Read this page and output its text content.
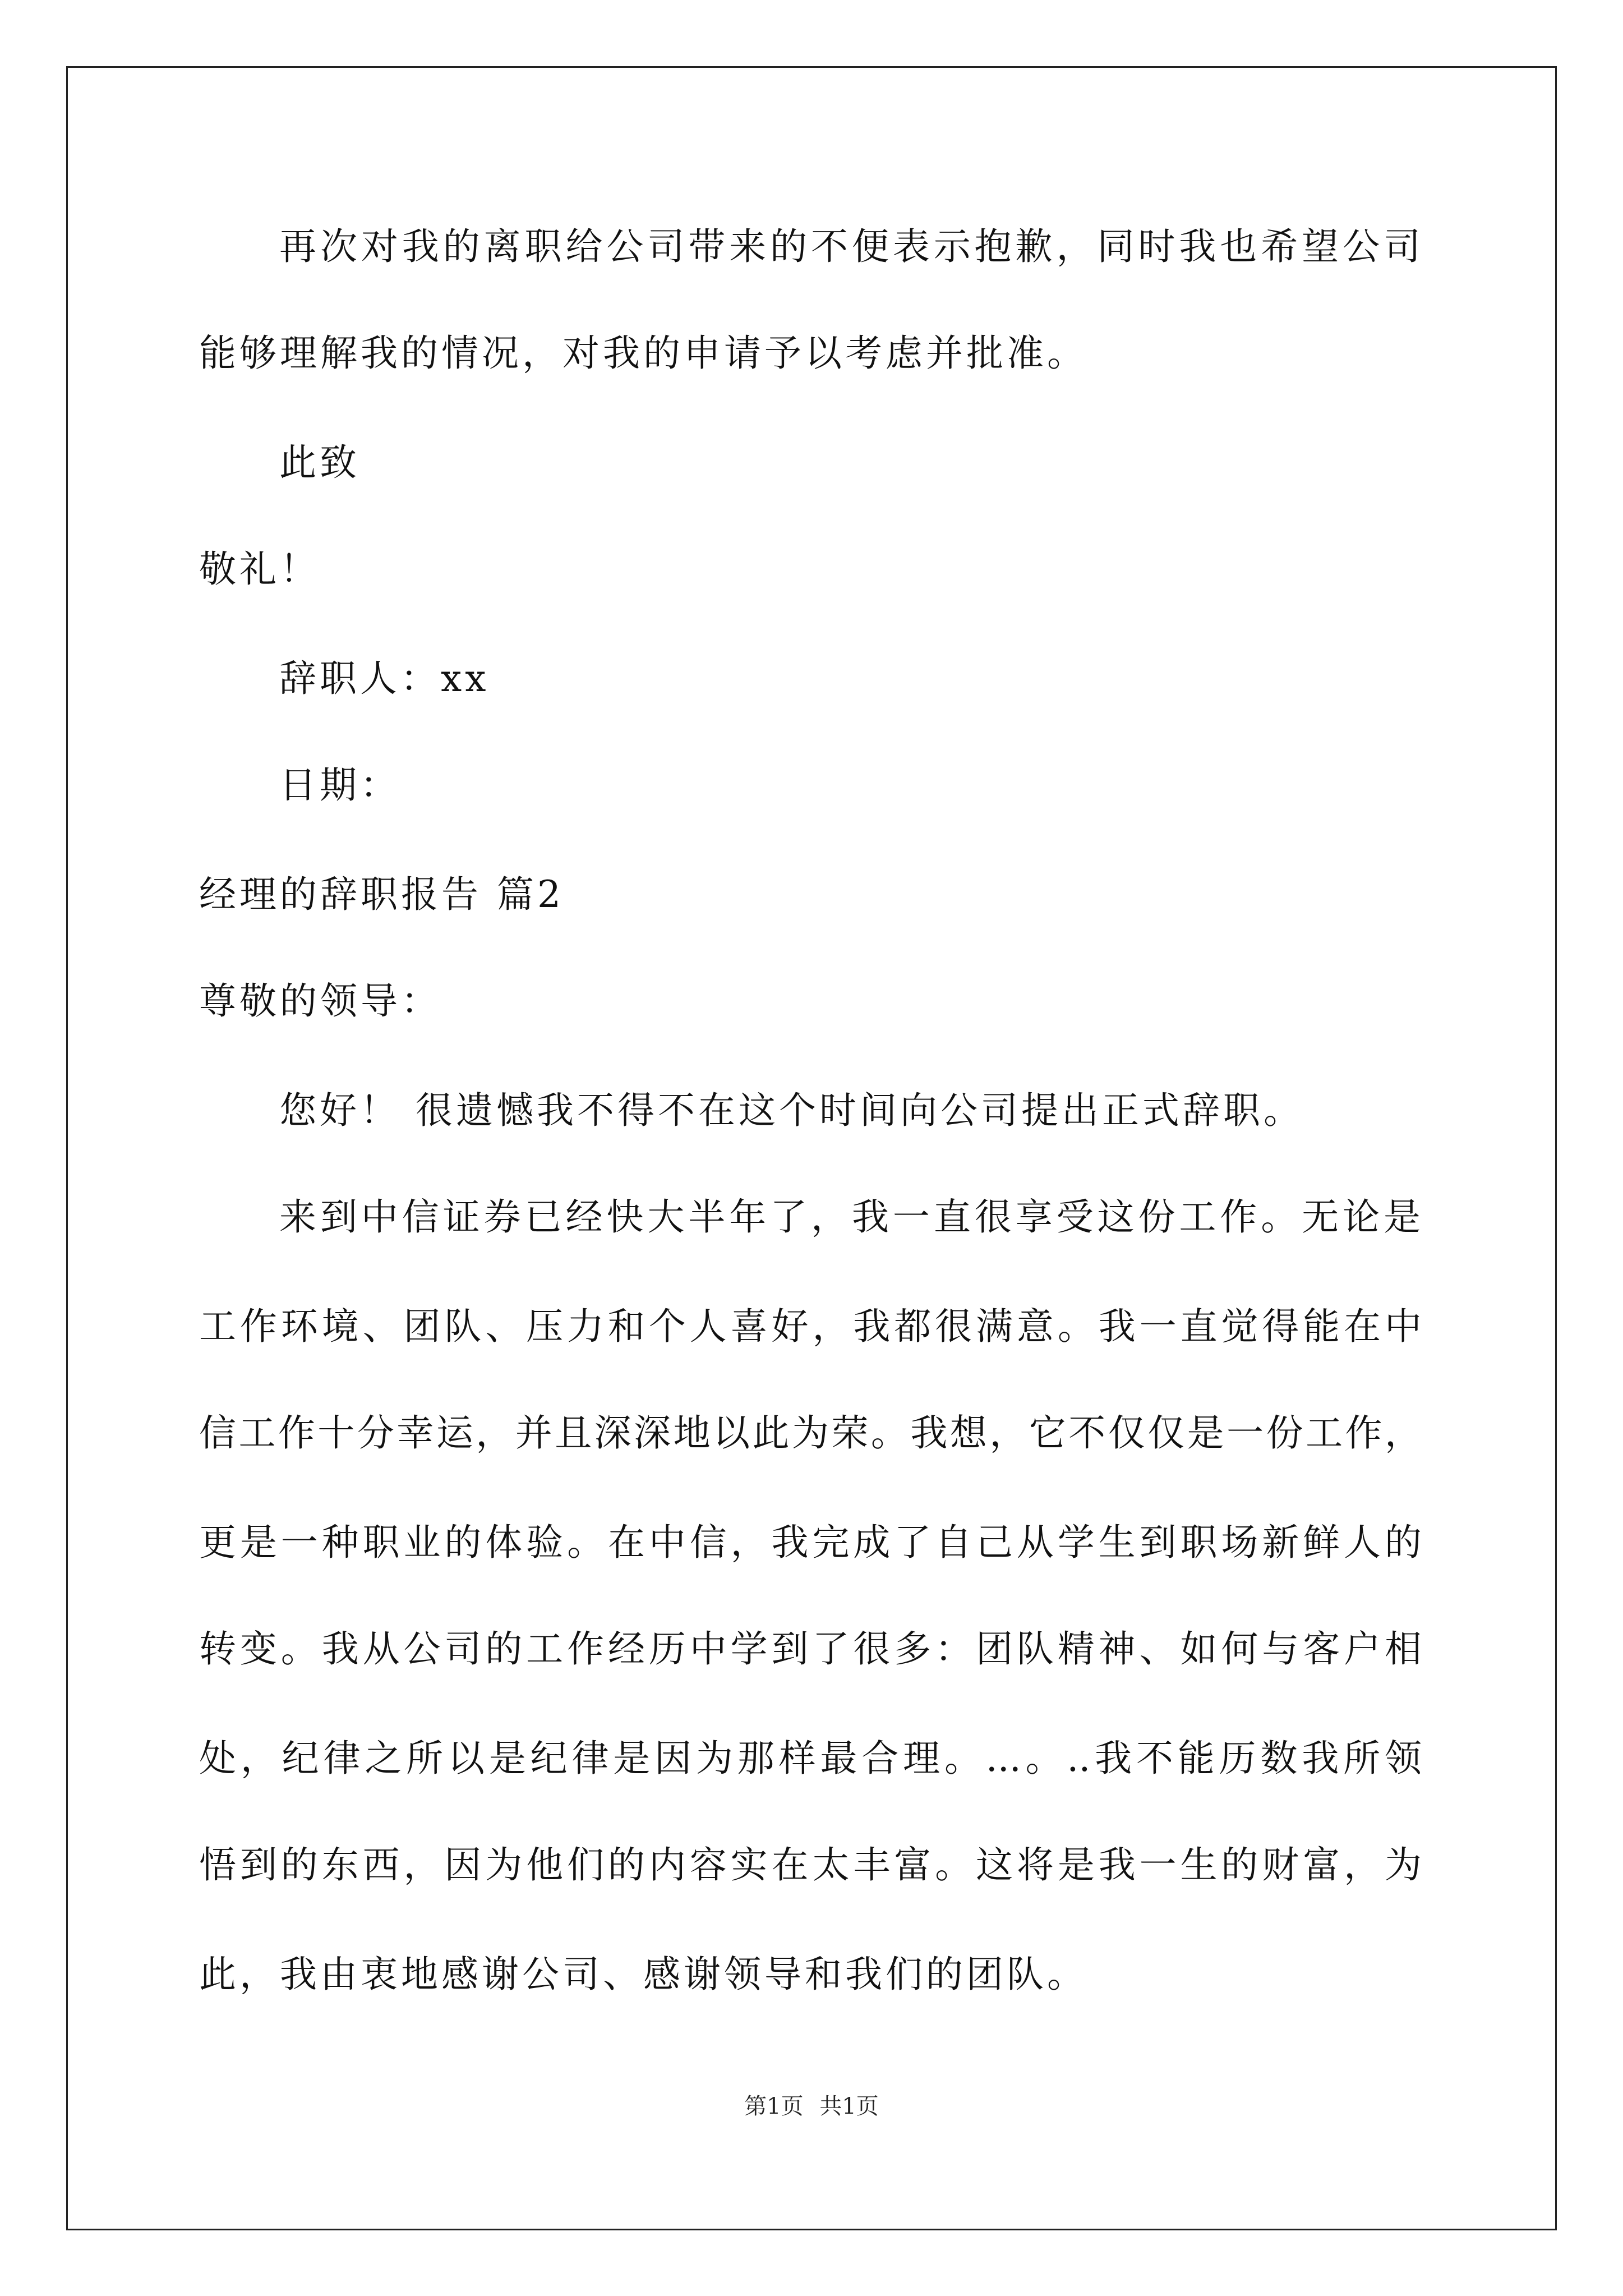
再次对我的离职给公司带来的不便表示抱歉，同时我也希望公司
能够理解我的情况，对我的申请予以考虑并批准。
此致
敬礼！
辞职人：xx
日期：
经理的辞职报告 篇2
尊敬的领导：
您好！ 很遗憾我不得不在这个时间向公司提出正式辞职。
来到中信证券已经快大半年了，我一直很享受这份工作。无论是
工作环境、团队、压力和个人喜好，我都很满意。我一直觉得能在中
信工作十分幸运，并且深深地以此为荣。我想，它不仅仅是一份工作，
更是一种职业的体验。在中信，我完成了自己从学生到职场新鲜人的
转变。我从公司的工作经历中学到了很多：团队精神、如何与客户相
处，纪律之所以是纪律是因为那样最合理。...。..我不能历数我所领
悟到的东西，因为他们的内容实在太丰富。这将是我一生的财富，为
此，我由衷地感谢公司、感谢领导和我们的团队。
第1页 共1页
